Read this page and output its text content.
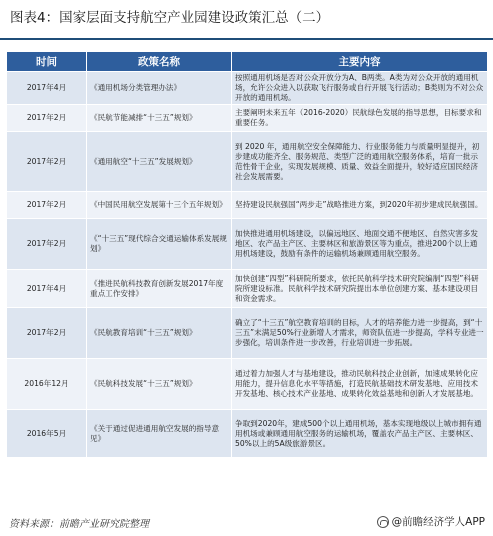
图表4：国家层面支持航空产业园建设政策汇总（二）
时间	政策名称	主要内容
2017年4月	《通用机场分类管理办法》	按照通用机场是否对公众开放分为A、B两类。A类为对公众开放的通用机场，允许公众进入以获取飞行服务或自行开展飞行活动；B类则为不对公众开放的通用机场。
2017年2月	《民航节能减排“十三五”规划》	主要阐明未来五年（2016-2020）民航绿色发展的指导思想，目标要求和重要任务。
2017年2月	《通用航空“十三五”发展规划》	到 2020 年，通用航空安全保障能力、行业服务能力与质量明显提升，初步建成功能齐全、服务规范、类型广泛的通用航空服务体系，培育一批示范性骨干企业，实现发展规模、质量、效益全面提升，较好适应国民经济社会发展需要。
2017年2月	《中国民用航空发展第十三个五年规划》	坚持建设民航强国“两步走”战略推进方案，到2020年初步建成民航强国。
2017年2月	《“十三五”现代综合交通运输体系发展规划》	加快推进通用机场建设，以偏远地区、地面交通不便地区、自然灾害多发地区、农产品主产区、主要林区和旅游景区等为重点，推进200个以上通用机场建设，鼓励有条件的运输机场兼顾通用航空服务。
2017年4月	《推进民航科技教育创新发展2017年度重点工作安排》	加快创建“四型”科研院所要求，依托民航科学技术研究院编制“四型”科研院所建设标准。民航科学技术研究院提出本单位创建方案、基本建设项目和资金需求。
2017年2月	《民航教育培训“十三五”规划》	确立了“十三五”航空教育培训的目标，人才的培养能力进一步提高，到“十三五”末满足50%行业新增人才需求，师资队伍进一步提高，学科专业进一步强化，培训条件进一步改善，行业培训进一步拓展。
2016年12月	《民航科技发展“十三五”规划》	通过着力加强人才与基地建设，推动民航科技企业创新，加速成果转化应用能力，提升信息化水平等措施，打造民航基础技术研发基地、应用技术开发基地、核心技术产业基地、成果转化效益基地和创新人才发展基地。
2016年5月	《关于通过促进通用航空发展的指导意见》	争取到2020年，建成500个以上通用机场，基本实现地级以上城市拥有通用机场或兼顾通用航空服务的运输机场，覆盖农产品主产区、主要林区、50%以上的5A级旅游景区。
资料来源：前瞻产业研究院整理	@前瞻经济学人APP
